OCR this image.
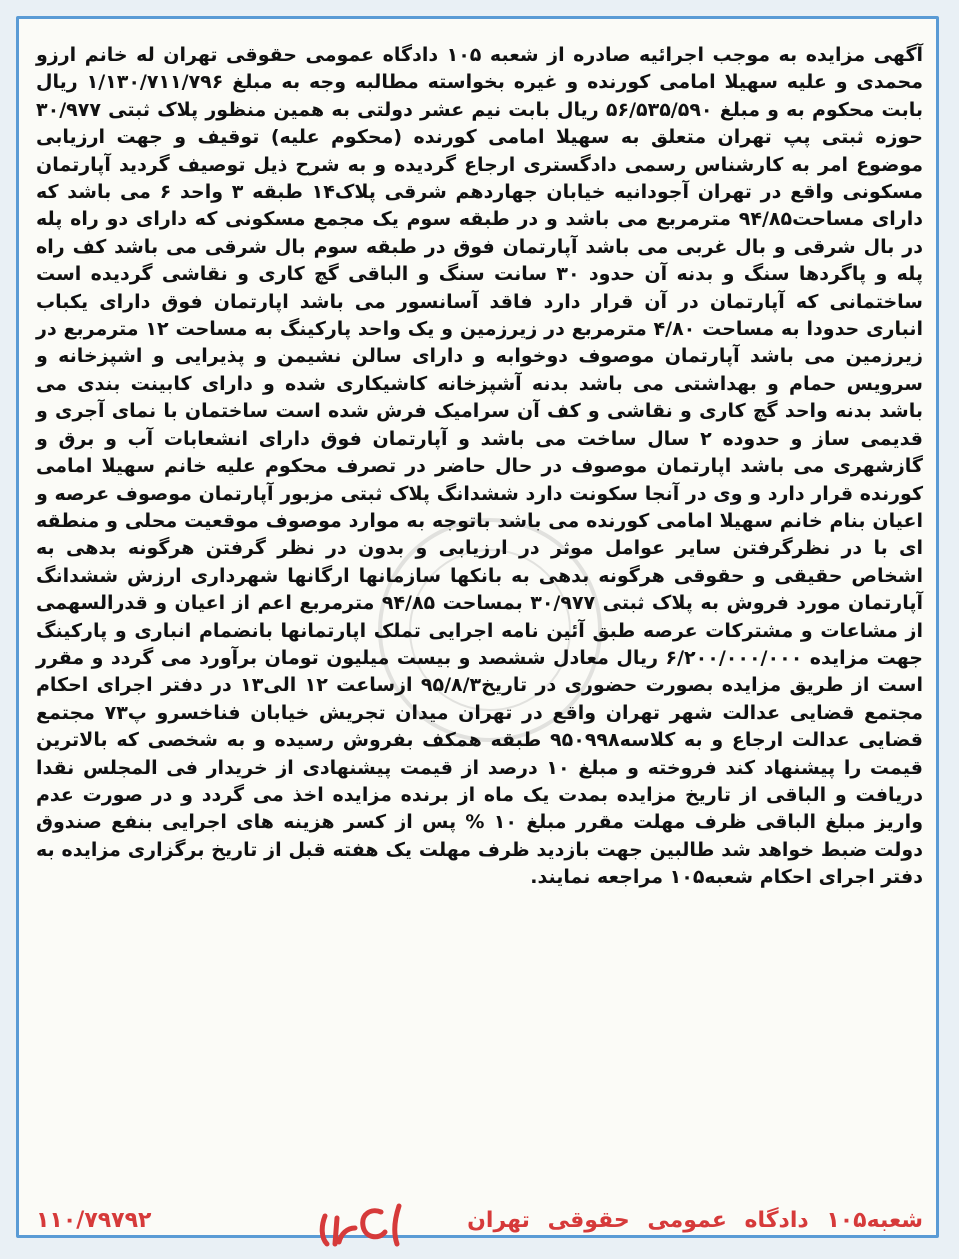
آگهی مزایده به موجب اجرائیه صادره از شعبه ۱۰۵ دادگاه عمومی حقوقی تهران له خانم ارزو محمدی و علیه سهیلا امامی کورنده و غیره بخواسته مطالبه وجه به مبلغ ۱/۱۳۰/۷۱۱/۷۹۶ ریال بابت محکوم به و مبلغ ۵۶/۵۳۵/۵۹۰ ریال بابت نیم عشر دولتی به همین منظور پلاک ثبتی ۳۰/۹۷۷ حوزه ثبتی پپ تهران متعلق به سهیلا امامی کورنده (محکوم علیه) توقیف و جهت ارزیابی موضوع امر به کارشناس رسمی دادگستری ارجاع گردیده و به شرح ذیل توصیف گردید آپارتمان مسکونی واقع در تهران آجودانیه خیابان جهاردهم شرقی پلاک۱۴ طبقه ۳ واحد ۶ می باشد که دارای مساحت۹۴/۸۵ مترمربع می باشد و در طبقه سوم یک مجمع مسکونی که دارای دو راه پله در بال شرقی و بال غربی می باشد آپارتمان فوق در طبقه سوم بال شرقی می باشد کف راه پله و پاگردها سنگ و بدنه آن حدود ۳۰ سانت سنگ و الباقی گچ کاری و نقاشی گردیده است ساختمانی که آپارتمان در آن قرار دارد فاقد آسانسور می باشد اپارتمان فوق دارای یکباب انباری حدودا به مساحت ۴/۸۰ مترمربع در زیرزمین و یک واحد پارکینگ به مساحت ۱۲ مترمربع در زیرزمین می باشد آپارتمان موصوف دوخوابه و دارای سالن نشیمن و پذیرایی و اشپزخانه و سرویس حمام و بهداشتی می باشد بدنه آشپزخانه کاشیکاری شده و دارای کابینت بندی می باشد بدنه واحد گچ کاری و نقاشی و کف آن سرامیک فرش شده است ساختمان با نمای آجری و قدیمی ساز و حدوده ۲ سال ساخت می باشد و آپارتمان فوق دارای انشعابات آب و برق و گازشهری می باشد اپارتمان موصوف در حال حاضر در تصرف محکوم علیه خانم سهیلا امامی کورنده قرار دارد و وی در آنجا سکونت دارد ششدانگ پلاک ثبتی مزبور آپارتمان موصوف عرصه و اعیان بنام خانم سهیلا امامی کورنده می باشد باتوجه به موارد موصوف موقعیت محلی و منطقه ای با در نظرگرفتن سایر عوامل موثر در ارزیابی و بدون در نظر گرفتن هرگونه بدهی به اشخاص حقیقی و حقوقی هرگونه بدهی به بانکها سازمانها ارگانها شهرداری ارزش ششدانگ آپارتمان مورد فروش به پلاک ثبتی ۳۰/۹۷۷ بمساحت ۹۴/۸۵ مترمربع اعم از اعیان و قدرالسهمی از مشاعات و مشترکات عرصه طبق آئین نامه اجرایی تملک اپارتمانها بانضمام انباری و پارکینگ جهت مزایده ۶/۲۰۰/۰۰۰/۰۰۰ ریال معادل ششصد و بیست میلیون تومان برآورد می گردد و مقرر است از طریق مزایده بصورت حضوری در تاریخ۹۵/۸/۳ ازساعت ۱۲ الی۱۳ در دفتر اجرای احکام مجتمع قضایی عدالت شهر تهران واقع در تهران میدان تجریش خیابان فناخسرو پ۷۳ مجتمع قضایی عدالت ارجاع و به کلاسه۹۵۰۹۹۸ طبقه همکف بفروش رسیده و به شخصی که بالاترین قیمت را پیشنهاد کند فروخته و مبلغ ۱۰ درصد از قیمت پیشنهادی از خریدار فی المجلس نقدا دریافت و الباقی از تاریخ مزایده بمدت یک ماه از برنده مزایده اخذ می گردد و در صورت عدم واریز مبلغ الباقی ظرف مهلت مقرر مبلغ ۱۰ % پس از کسر هزینه های اجرایی بنفع صندوق دولت ضبط خواهد شد طالبین جهت بازدید ظرف مهلت یک هفته قبل از تاریخ برگزاری مزایده به دفتر اجرای احکام شعبه۱۰۵ مراجعه نمایند.

شعبه۱۰۵ دادگاه عمومی حقوقی تهران
۱۱۰/۷۹۷۹۲
